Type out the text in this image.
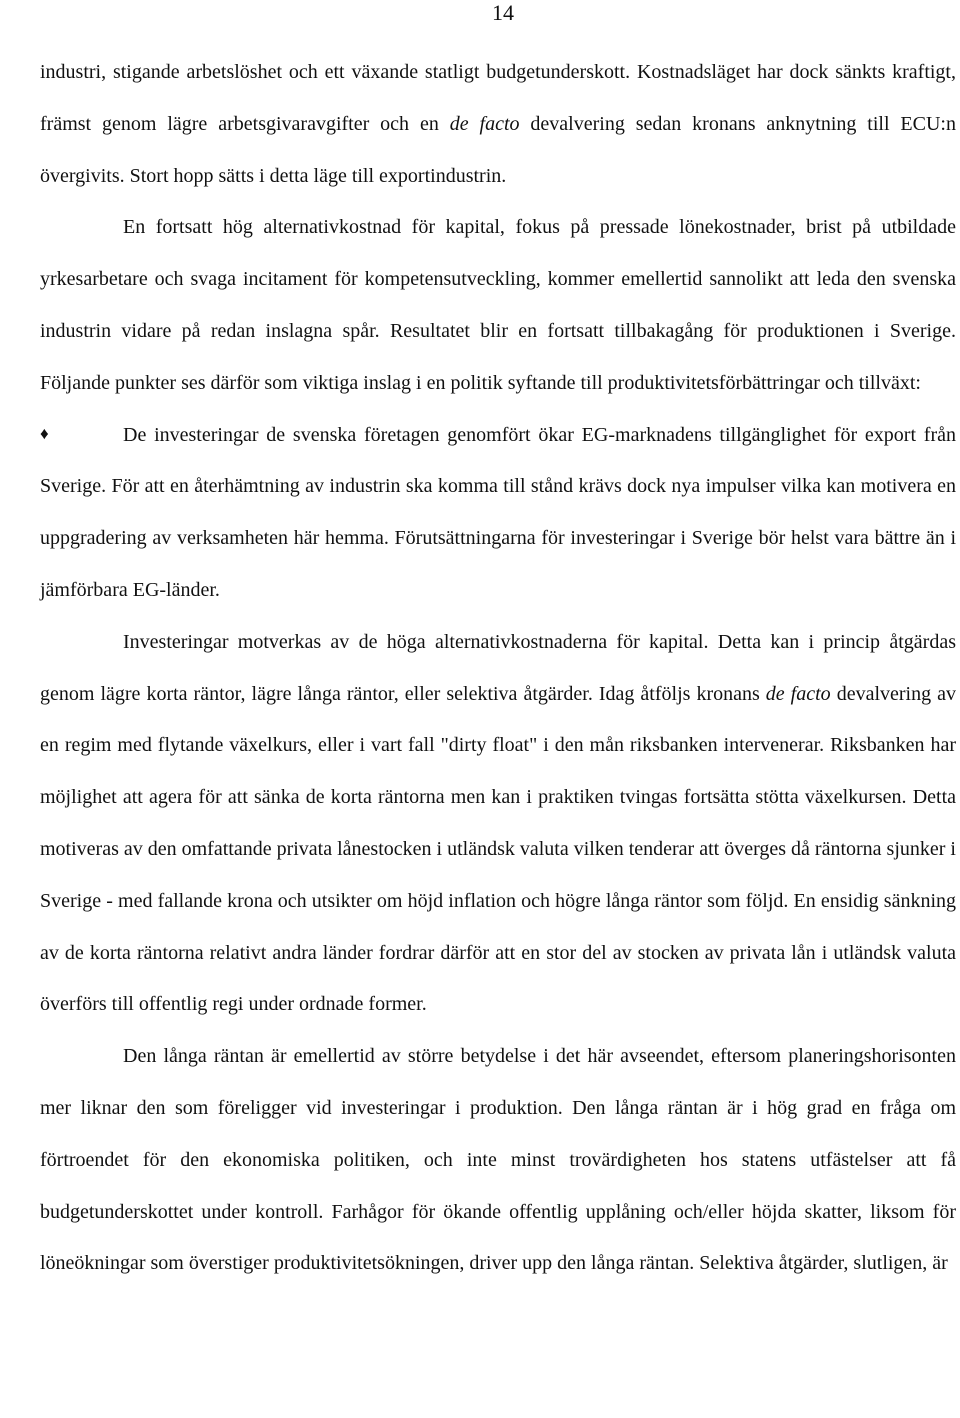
14

industri, stigande arbetslöshet och ett växande statligt budgetunderskott. Kostnadsläget har dock sänkts kraftigt, främst genom lägre arbetsgivaravgifter och en de facto devalvering sedan kronans anknytning till ECU:n övergivits. Stort hopp sätts i detta läge till exportindustrin.

En fortsatt hög alternativkostnad för kapital, fokus på pressade lönekostnader, brist på utbildade yrkesarbetare och svaga incitament för kompetensutveckling, kommer emellertid sannolikt att leda den svenska industrin vidare på redan inslagna spår. Resultatet blir en fortsatt tillbakagång för produktionen i Sverige. Följande punkter ses därför som viktiga inslag i en politik syftande till produktivitetsförbättringar och tillväxt:

♦	De investeringar de svenska företagen genomfört ökar EG-marknadens tillgänglighet för export från Sverige. För att en återhämtning av industrin ska komma till stånd krävs dock nya impulser vilka kan motivera en uppgradering av verksamheten här hemma. Förutsättningarna för investeringar i Sverige bör helst vara bättre än i jämförbara EG-länder.

Investeringar motverkas av de höga alternativkostnaderna för kapital. Detta kan i princip åtgärdas genom lägre korta räntor, lägre långa räntor, eller selektiva åtgärder. Idag åtföljs kronans de facto devalvering av en regim med flytande växelkurs, eller i vart fall "dirty float" i den mån riksbanken intervenerar. Riksbanken har möjlighet att agera för att sänka de korta räntorna men kan i praktiken tvingas fortsätta stötta växelkursen. Detta motiveras av den omfattande privata lånestocken i utländsk valuta vilken tenderar att överges då räntorna sjunker i Sverige - med fallande krona och utsikter om höjd inflation och högre långa räntor som följd. En ensidig sänkning av de korta räntorna relativt andra länder fordrar därför att en stor del av stocken av privata lån i utländsk valuta överförs till offentlig regi under ordnade former.

Den långa räntan är emellertid av större betydelse i det här avseendet, eftersom planeringshorisonten mer liknar den som föreligger vid investeringar i produktion. Den långa räntan är i hög grad en fråga om förtroendet för den ekonomiska politiken, och inte minst trovärdigheten hos statens utfästelser att få budgetunderskottet under kontroll. Farhågor för ökande offentlig upplåning och/eller höjda skatter, liksom för löneökningar som överstiger produktivitetsökningen, driver upp den långa räntan. Selektiva åtgärder, slutligen, är
